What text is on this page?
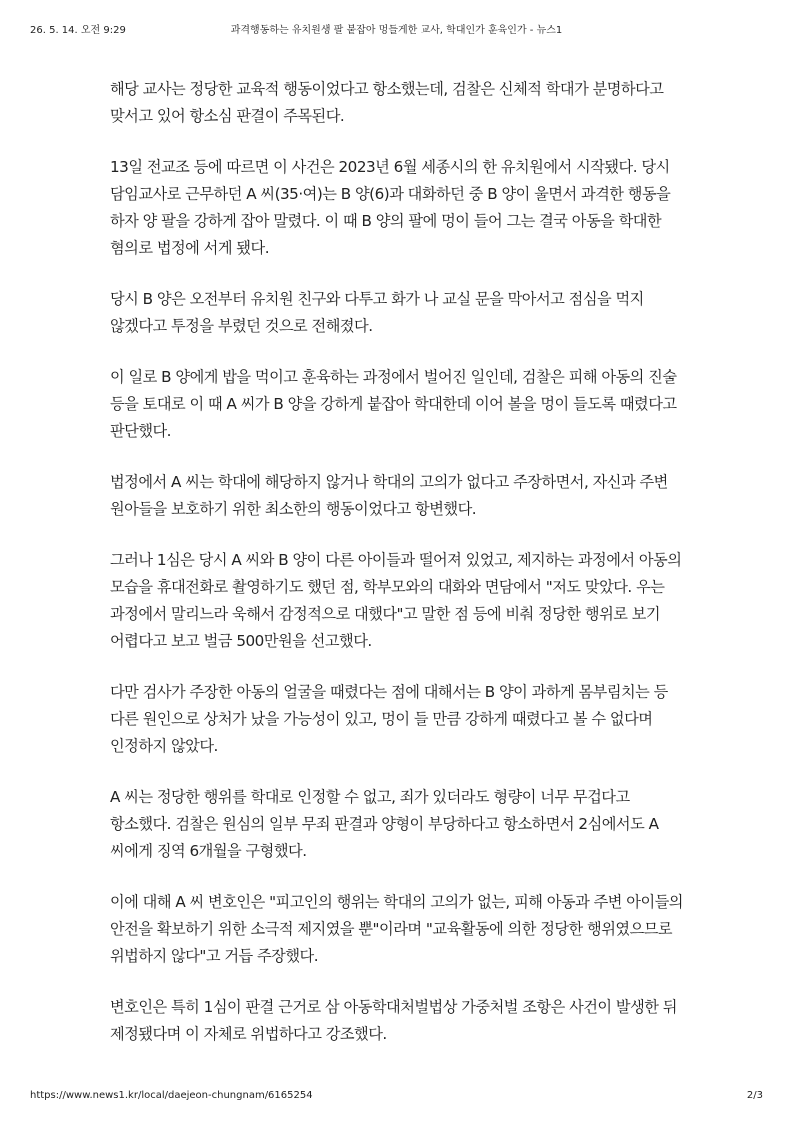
26. 5. 14. 오전 9:29	과격행동하는 유치원생 팔 붙잡아 멍들게한 교사, 학대인가 훈육인가 - 뉴스1

해당 교사는 정당한 교육적 행동이었다고 항소했는데, 검찰은 신체적 학대가 분명하다고 맞서고 있어 항소심 판결이 주목된다.

13일 전교조 등에 따르면 이 사건은 2023년 6월 세종시의 한 유치원에서 시작됐다. 당시 담임교사로 근무하던 A 씨(35·여)는 B 양(6)과 대화하던 중 B 양이 울면서 과격한 행동을 하자 양 팔을 강하게 잡아 말렸다. 이 때 B 양의 팔에 멍이 들어 그는 결국 아동을 학대한 혐의로 법정에 서게 됐다.

당시 B 양은 오전부터 유치원 친구와 다투고 화가 나 교실 문을 막아서고 점심을 먹지 않겠다고 투정을 부렸던 것으로 전해졌다.

이 일로 B 양에게 밥을 먹이고 훈육하는 과정에서 벌어진 일인데, 검찰은 피해 아동의 진술 등을 토대로 이 때 A 씨가 B 양을 강하게 붙잡아 학대한데 이어 볼을 멍이 들도록 때렸다고 판단했다.

법정에서 A 씨는 학대에 해당하지 않거나 학대의 고의가 없다고 주장하면서, 자신과 주변 원아들을 보호하기 위한 최소한의 행동이었다고 항변했다.

그러나 1심은 당시 A 씨와 B 양이 다른 아이들과 떨어져 있었고, 제지하는 과정에서 아동의 모습을 휴대전화로 촬영하기도 했던 점, 학부모와의 대화와 면담에서 "저도 맞았다. 우는 과정에서 말리느라 욱해서 감정적으로 대했다"고 말한 점 등에 비춰 정당한 행위로 보기 어렵다고 보고 벌금 500만원을 선고했다.

다만 검사가 주장한 아동의 얼굴을 때렸다는 점에 대해서는 B 양이 과하게 몸부림치는 등 다른 원인으로 상처가 났을 가능성이 있고, 멍이 들 만큼 강하게 때렸다고 볼 수 없다며 인정하지 않았다.

A 씨는 정당한 행위를 학대로 인정할 수 없고, 죄가 있더라도 형량이 너무 무겁다고 항소했다. 검찰은 원심의 일부 무죄 판결과 양형이 부당하다고 항소하면서 2심에서도 A 씨에게 징역 6개월을 구형했다.

이에 대해 A 씨 변호인은 "피고인의 행위는 학대의 고의가 없는, 피해 아동과 주변 아이들의 안전을 확보하기 위한 소극적 제지였을 뿐"이라며 "교육활동에 의한 정당한 행위였으므로 위법하지 않다"고 거듭 주장했다.

변호인은 특히 1심이 판결 근거로 삼 아동학대처벌법상 가중처벌 조항은 사건이 발생한 뒤 제정됐다며 이 자체로 위법하다고 강조했다.

https://www.news1.kr/local/daejeon-chungnam/6165254	2/3
